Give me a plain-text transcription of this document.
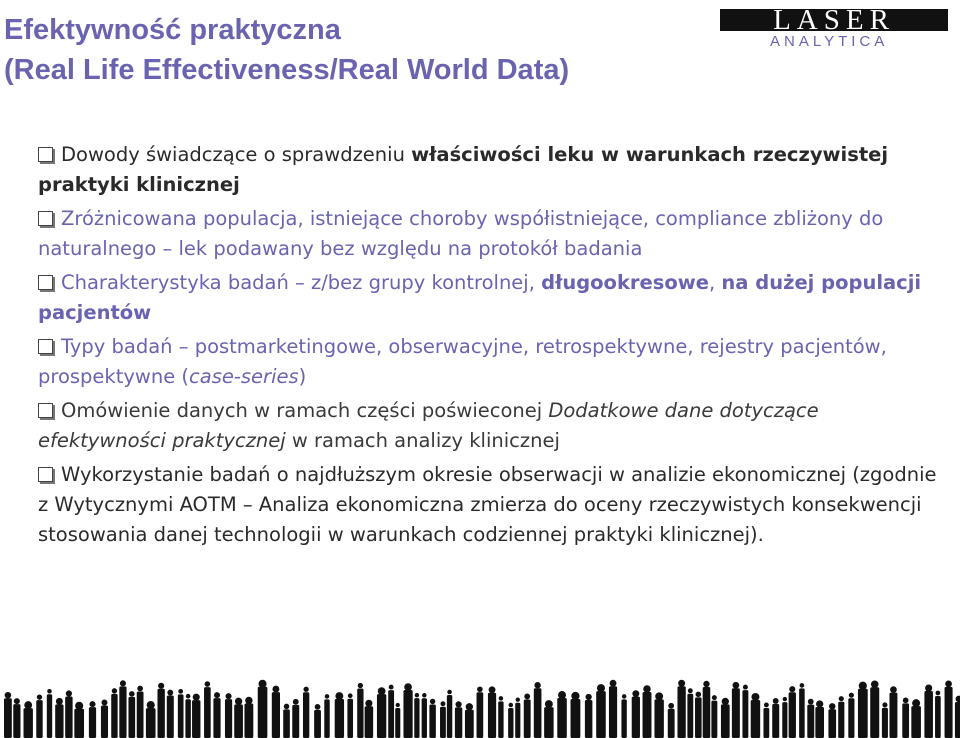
Efektywność praktyczna
(Real Life Effectiveness/Real World Data)
LASER
ANALYTICA
Dowody świadczące o sprawdzeniu właściwości leku w warunkach rzeczywistej praktyki klinicznej
Zróżnicowana populacja, istniejące choroby współistniejące, compliance zbliżony do naturalnego – lek podawany bez względu na protokół badania
Charakterystyka badań – z/bez grupy kontrolnej, długookresowe, na dużej populacji pacjentów
Typy badań – postmarketingowe, obserwacyjne, retrospektywne, rejestry pacjentów, prospektywne (case-series)
Omówienie danych w ramach części poświeconej Dodatkowe dane dotyczące efektywności praktycznej w ramach analizy klinicznej
Wykorzystanie badań o najdłuższym okresie obserwacji w analizie ekonomicznej (zgodnie z Wytycznymi AOTM – Analiza ekonomiczna zmierza do oceny rzeczywistych konsekwencji stosowania danej technologii w warunkach codziennej praktyki klinicznej).
